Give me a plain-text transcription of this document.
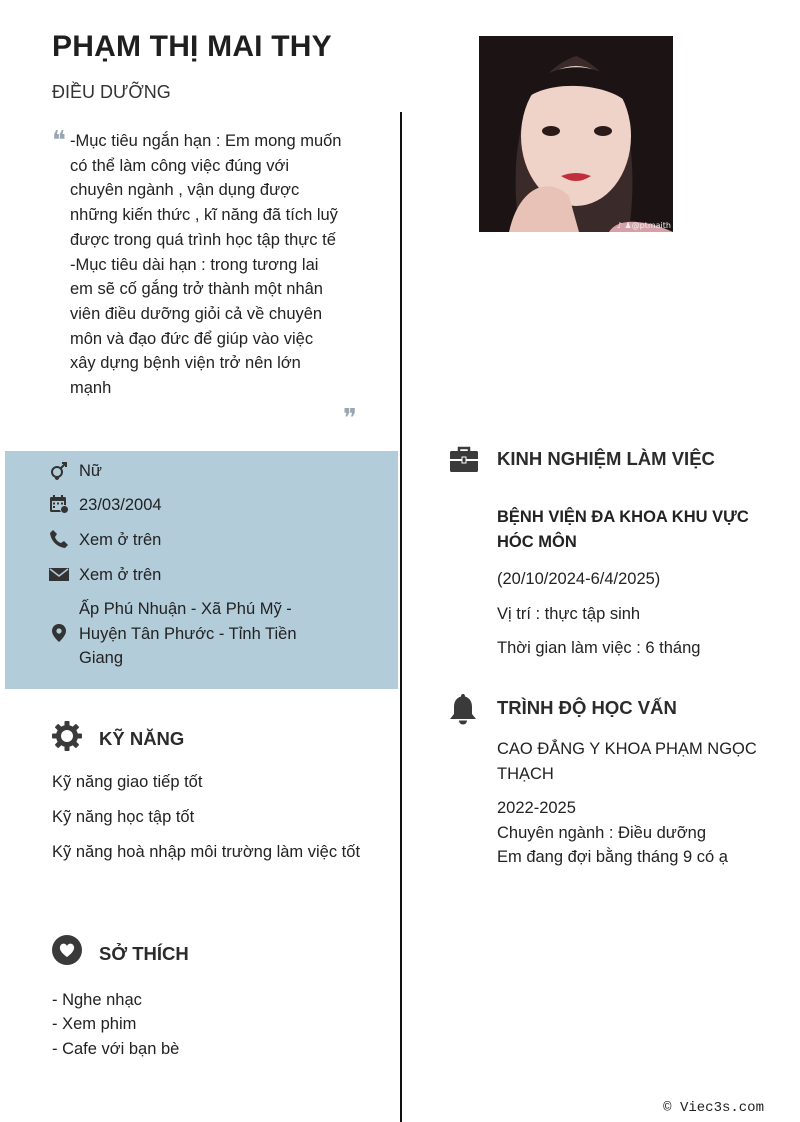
PHẠM THỊ MAI THY
ĐIỀU DƯỠNG
♪ ♟@ptmaith
❝ -Mục tiêu ngắn hạn : Em mong muốn có thể làm công việc đúng với chuyên ngành , vận dụng được những kiến thức , kĩ năng đã tích luỹ được trong quá trình học tập thực tế
-Mục tiêu dài hạn : trong tương lai em sẽ cố gắng trở thành một nhân viên điều dưỡng giỏi cả về chuyên môn và đạo đức để giúp vào việc xây dựng bệnh viện trở nên lớn mạnh
❞
Nữ
23/03/2004
Xem ở trên
Xem ở trên
Ấp Phú Nhuận - Xã Phú Mỹ - Huyện Tân Phước - Tỉnh Tiền Giang
KỸ NĂNG
Kỹ năng giao tiếp tốt
Kỹ năng học tập tốt
Kỹ năng hoà nhập môi trường làm việc tốt
SỞ THÍCH
- Nghe nhạc
- Xem phim
- Cafe với bạn bè
KINH NGHIỆM LÀM VIỆC
BỆNH VIỆN ĐA KHOA KHU VỰC HÓC MÔN
(20/10/2024-6/4/2025)
Vị trí : thực tập sinh
Thời gian làm việc : 6 tháng
TRÌNH ĐỘ HỌC VẤN
CAO ĐẲNG Y KHOA PHẠM NGỌC THẠCH
2022-2025
Chuyên ngành : Điều dưỡng
Em đang đợi bằng tháng 9 có ạ
© Viec3s.com
